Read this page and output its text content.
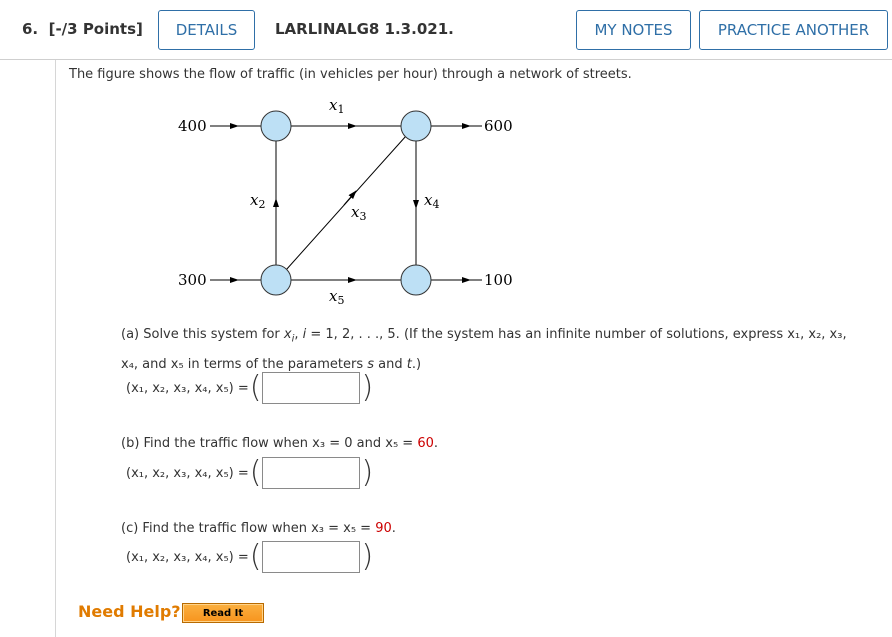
6. [-/3 Points]	DETAILS	LARLINALG8 1.3.021.	MY NOTES	PRACTICE ANOTHER
The figure shows the flow of traffic (in vehicles per hour) through a network of streets.
400
300
600
100
$x_1$
$x_2$	$x_3$
$x_4$
$x_5$
(a) Solve this system for $x_i$, i = 1, 2, . . ., 5. (If the system has an infinite number of solutions, express x₁, x₂, x₃,
x₄, and x₅ in terms of the parameters s and t.)
(x₁, x₂, x₃, x₄, x₅) = (	)
(b) Find the traffic flow when x₃ = 0 and x₅ = 60.
(x₁, x₂, x₃, x₄, x₅) = (	)
(c) Find the traffic flow when x₃ = x₅ = 90.
(x₁, x₂, x₃, x₄, x₅) = (	)
Need Help?	Read It
